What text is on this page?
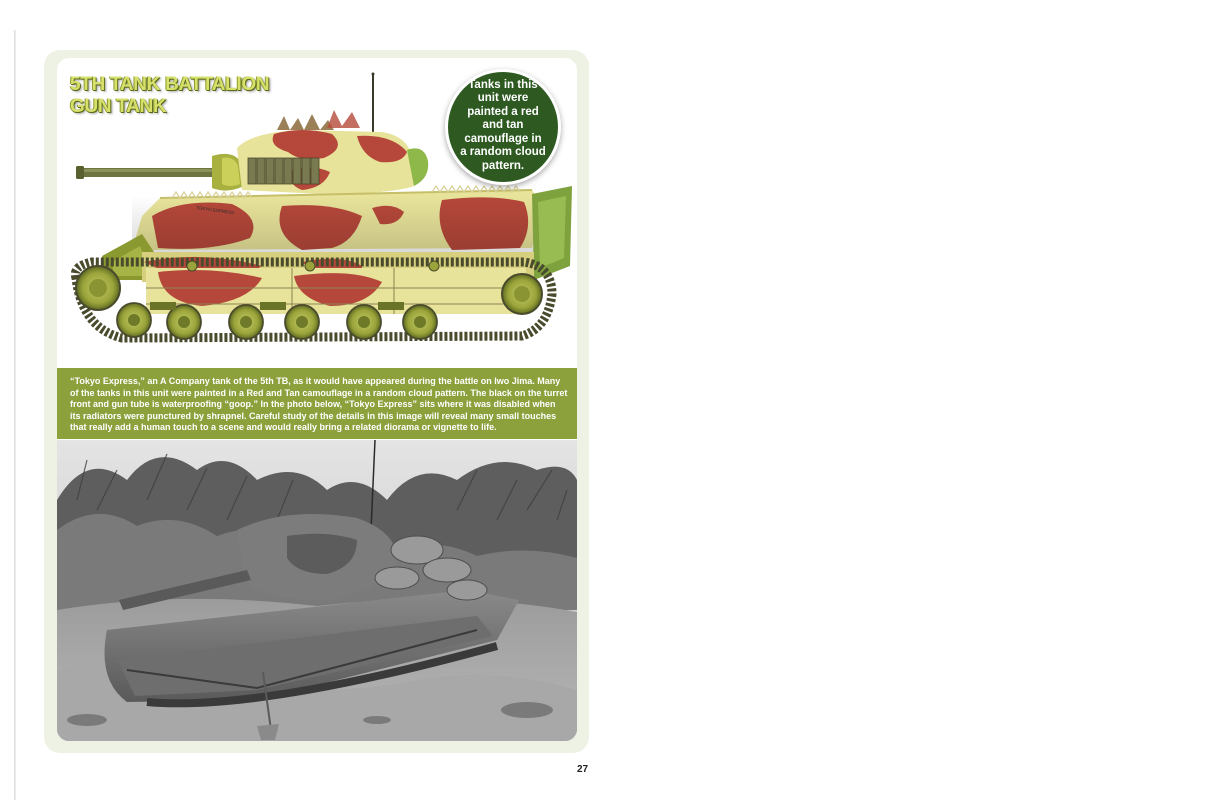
TOKYO EXPRESS
5TH TANK BATTALION
GUN TANK
Tanks in this unit were painted a red and tan camouflage in a random cloud pattern.

“Tokyo Express,” an A Company tank of the 5th TB, as it would have appeared during the battle on Iwo Jima. Many of the tanks in this unit were painted in a Red and Tan camouflage in a random cloud pattern. The black on the turret front and gun tube is waterproofing “goop.” In the photo below, “Tokyo Express” sits where it was disabled when its radiators were punctured by shrapnel. Careful study of the details in this image will reveal many small touches that really add a human touch to a scene and would really bring a related diorama or vignette to life.

27
